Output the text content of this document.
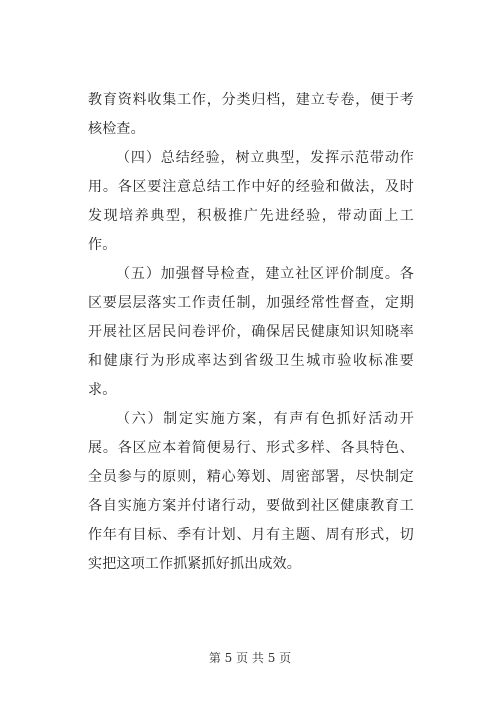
教育资料收集工作，分类归档，建立专卷，便于考核检查。

（四）总结经验，树立典型，发挥示范带动作用。各区要注意总结工作中好的经验和做法，及时发现培养典型，积极推广先进经验，带动面上工作。

（五）加强督导检查，建立社区评价制度。各区要层层落实工作责任制，加强经常性督查，定期开展社区居民问卷评价，确保居民健康知识知晓率和健康行为形成率达到省级卫生城市验收标准要求。

（六）制定实施方案，有声有色抓好活动开展。各区应本着简便易行、形式多样、各具特色、全员参与的原则，精心筹划、周密部署，尽快制定各自实施方案并付诸行动，要做到社区健康教育工作年有目标、季有计划、月有主题、周有形式，切实把这项工作抓紧抓好抓出成效。

第 5 页 共 5 页
